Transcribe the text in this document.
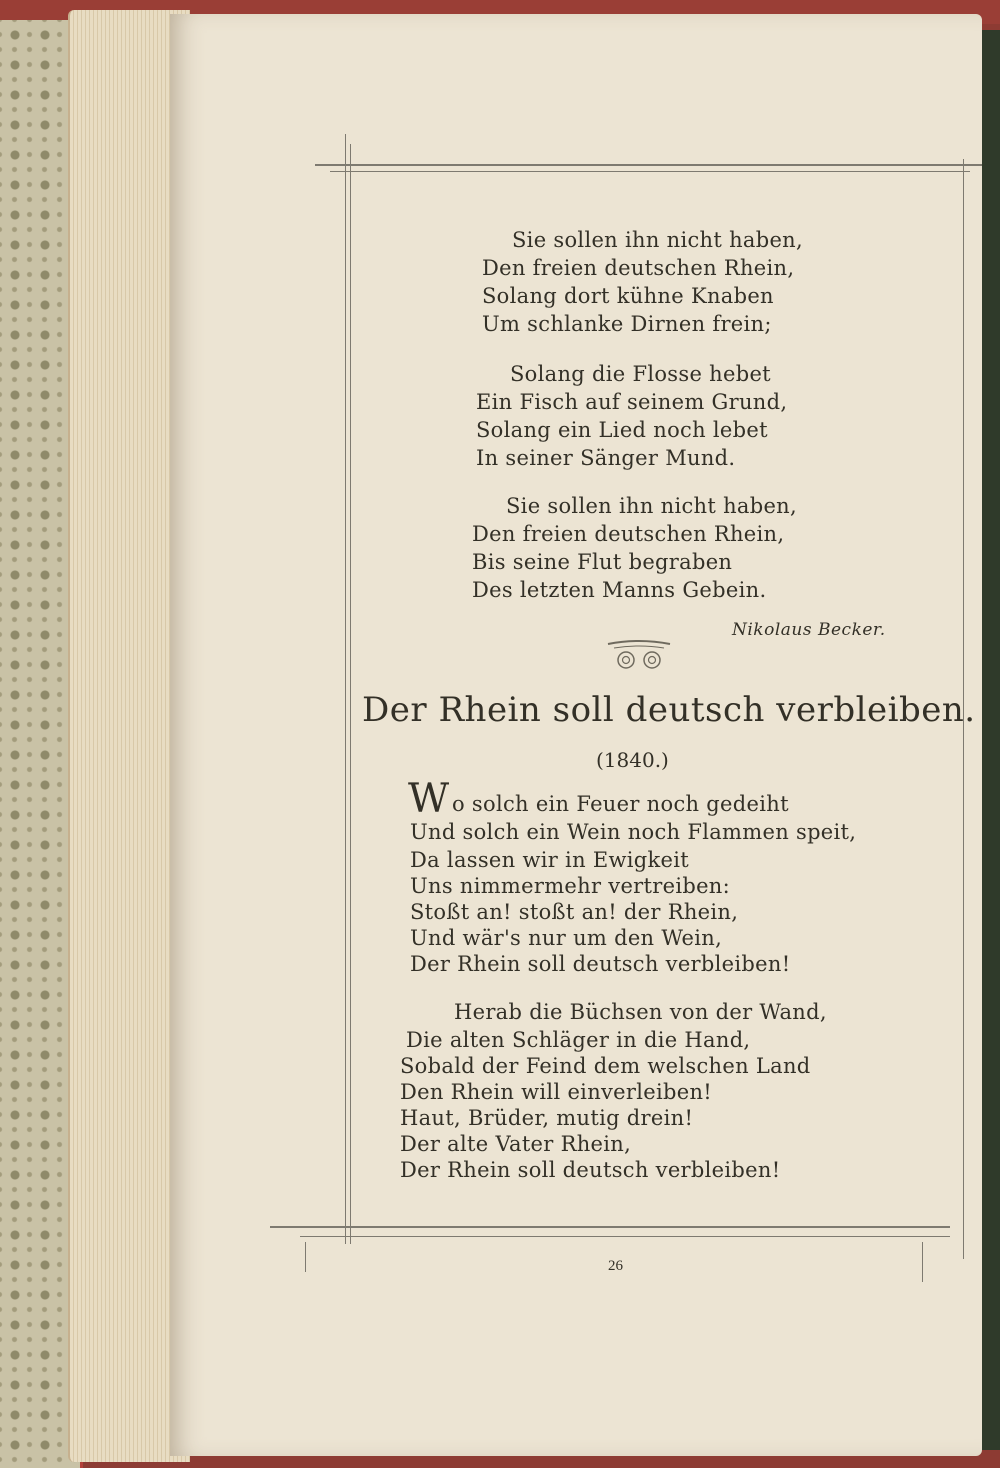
Sie sollen ihn nicht haben,
Den freien deutschen Rhein,
Solang dort kühne Knaben
Um schlanke Dirnen frein;
Solang die Flosse hebet
Ein Fisch auf seinem Grund,
Solang ein Lied noch lebet
In seiner Sänger Mund.
Sie sollen ihn nicht haben,
Den freien deutschen Rhein,
Bis seine Flut begraben
Des letzten Manns Gebein.
Nikolaus Becker.
Der Rhein soll deutsch verbleiben.
(1840.)
W o solch ein Feuer noch gedeiht
Und solch ein Wein noch Flammen speit,
Da lassen wir in Ewigkeit
Uns nimmermehr vertreiben:
Stoßt an! stoßt an! der Rhein,
Und wär's nur um den Wein,
Der Rhein soll deutsch verbleiben!
Herab die Büchsen von der Wand,
Die alten Schläger in die Hand,
Sobald der Feind dem welschen Land
Den Rhein will einverleiben!
Haut, Brüder, mutig drein!
Der alte Vater Rhein,
Der Rhein soll deutsch verbleiben!
26
